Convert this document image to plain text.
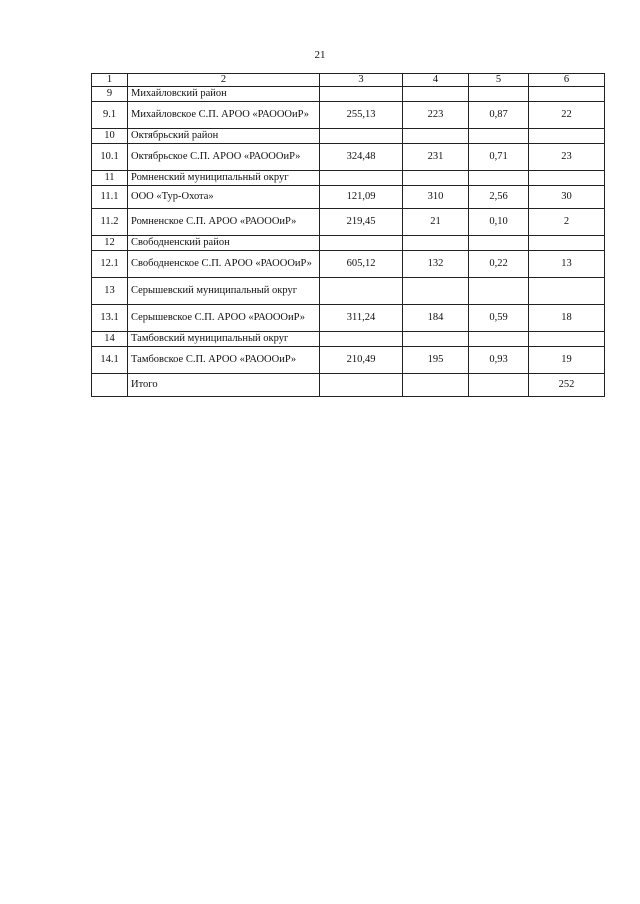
21
1	2	3	4	5	6
9	Михайловский район				
9.1	Михайловское С.П. АРОО «РАОООиР»	255,13	223	0,87	22
10	Октябрьский район				
10.1	Октябрьское С.П. АРОО «РАОООиР»	324,48	231	0,71	23
11	Ромненский муниципальный округ				
11.1	ООО «Тур-Охота»	121,09	310	2,56	30
11.2	Ромненское С.П. АРОО «РАОООиР»	219,45	21	0,10	2
12	Свободненский район				
12.1	Свободненское С.П. АРОО «РАОООиР»	605,12	132	0,22	13
13	Серышевский муниципальный округ				
13.1	Серышевское С.П. АРОО «РАОООиР»	311,24	184	0,59	18
14	Тамбовский муниципальный округ				
14.1	Тамбовское С.П. АРОО «РАОООиР»	210,49	195	0,93	19
	Итого				252
